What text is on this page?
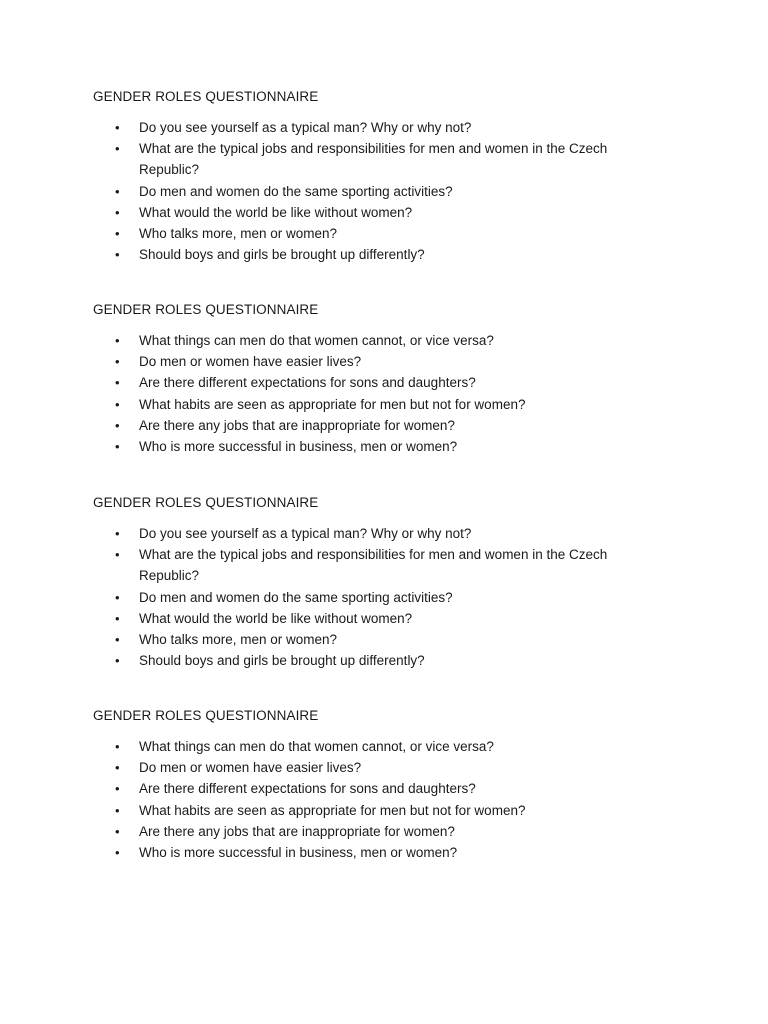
GENDER ROLES QUESTIONNAIRE
• Do you see yourself as a typical man? Why or why not?
• What are the typical jobs and responsibilities for men and women in the Czech Republic?
• Do men and women do the same sporting activities?
• What would the world be like without women?
• Who talks more, men or women?
• Should boys and girls be brought up differently?
GENDER ROLES QUESTIONNAIRE
• What things can men do that women cannot, or vice versa?
• Do men or women have easier lives?
• Are there different expectations for sons and daughters?
• What habits are seen as appropriate for men but not for women?
• Are there any jobs that are inappropriate for women?
• Who is more successful in business, men or women?
GENDER ROLES QUESTIONNAIRE
• Do you see yourself as a typical man? Why or why not?
• What are the typical jobs and responsibilities for men and women in the Czech Republic?
• Do men and women do the same sporting activities?
• What would the world be like without women?
• Who talks more, men or women?
• Should boys and girls be brought up differently?
GENDER ROLES QUESTIONNAIRE
• What things can men do that women cannot, or vice versa?
• Do men or women have easier lives?
• Are there different expectations for sons and daughters?
• What habits are seen as appropriate for men but not for women?
• Are there any jobs that are inappropriate for women?
• Who is more successful in business, men or women?
